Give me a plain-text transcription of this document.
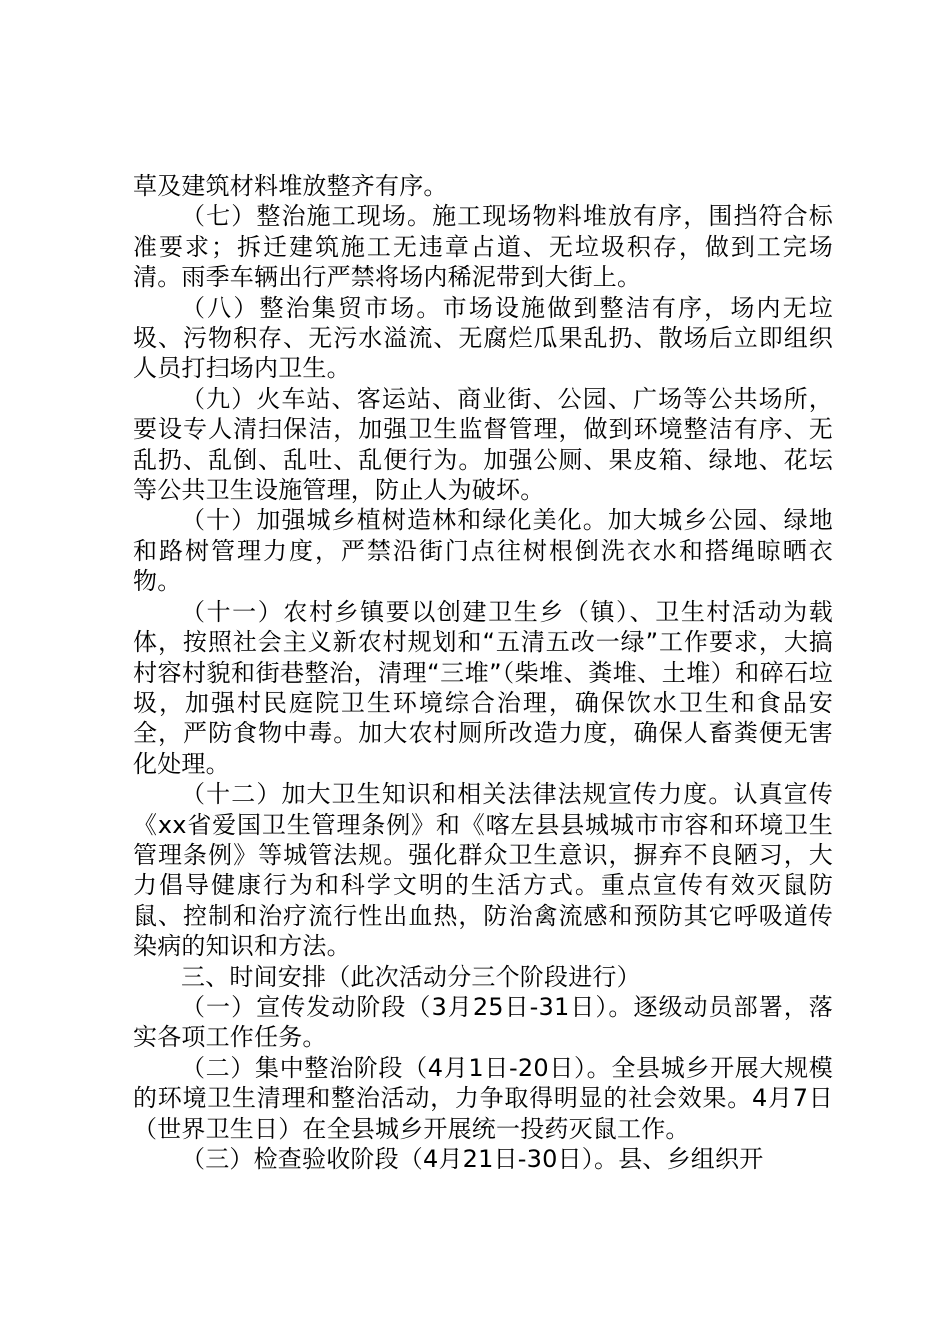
草及建筑材料堆放整齐有序。

（七）整治施工现场。施工现场物料堆放有序，围挡符合标准要求；拆迁建筑施工无违章占道、无垃圾积存，做到工完场清。雨季车辆出行严禁将场内稀泥带到大街上。

（八）整治集贸市场。市场设施做到整洁有序，场内无垃圾、污物积存、无污水溢流、无腐烂瓜果乱扔、散场后立即组织人员打扫场内卫生。

（九）火车站、客运站、商业街、公园、广场等公共场所，要设专人清扫保洁，加强卫生监督管理，做到环境整洁有序、无乱扔、乱倒、乱吐、乱便行为。加强公厕、果皮箱、绿地、花坛等公共卫生设施管理，防止人为破坏。

（十）加强城乡植树造林和绿化美化。加大城乡公园、绿地和路树管理力度，严禁沿街门点往树根倒洗衣水和搭绳晾晒衣物。

（十一）农村乡镇要以创建卫生乡（镇）、卫生村活动为载体，按照社会主义新农村规划和“五清五改一绿”工作要求，大搞村容村貌和街巷整治，清理“三堆”（柴堆、粪堆、土堆）和碎石垃圾，加强村民庭院卫生环境综合治理，确保饮水卫生和食品安全，严防食物中毒。加大农村厕所改造力度，确保人畜粪便无害化处理。

（十二）加大卫生知识和相关法律法规宣传力度。认真宣传《xx省爱国卫生管理条例》和《喀左县县城城市市容和环境卫生管理条例》等城管法规。强化群众卫生意识，摒弃不良陋习，大力倡导健康行为和科学文明的生活方式。重点宣传有效灭鼠防鼠、控制和治疗流行性出血热，防治禽流感和预防其它呼吸道传染病的知识和方法。

三、时间安排（此次活动分三个阶段进行）

（一）宣传发动阶段（3月25日-31日）。逐级动员部署，落实各项工作任务。

（二）集中整治阶段（4月1日-20日）。全县城乡开展大规模的环境卫生清理和整治活动，力争取得明显的社会效果。4月7日（世界卫生日）在全县城乡开展统一投药灭鼠工作。

（三）检查验收阶段（4月21日-30日）。县、乡组织开
